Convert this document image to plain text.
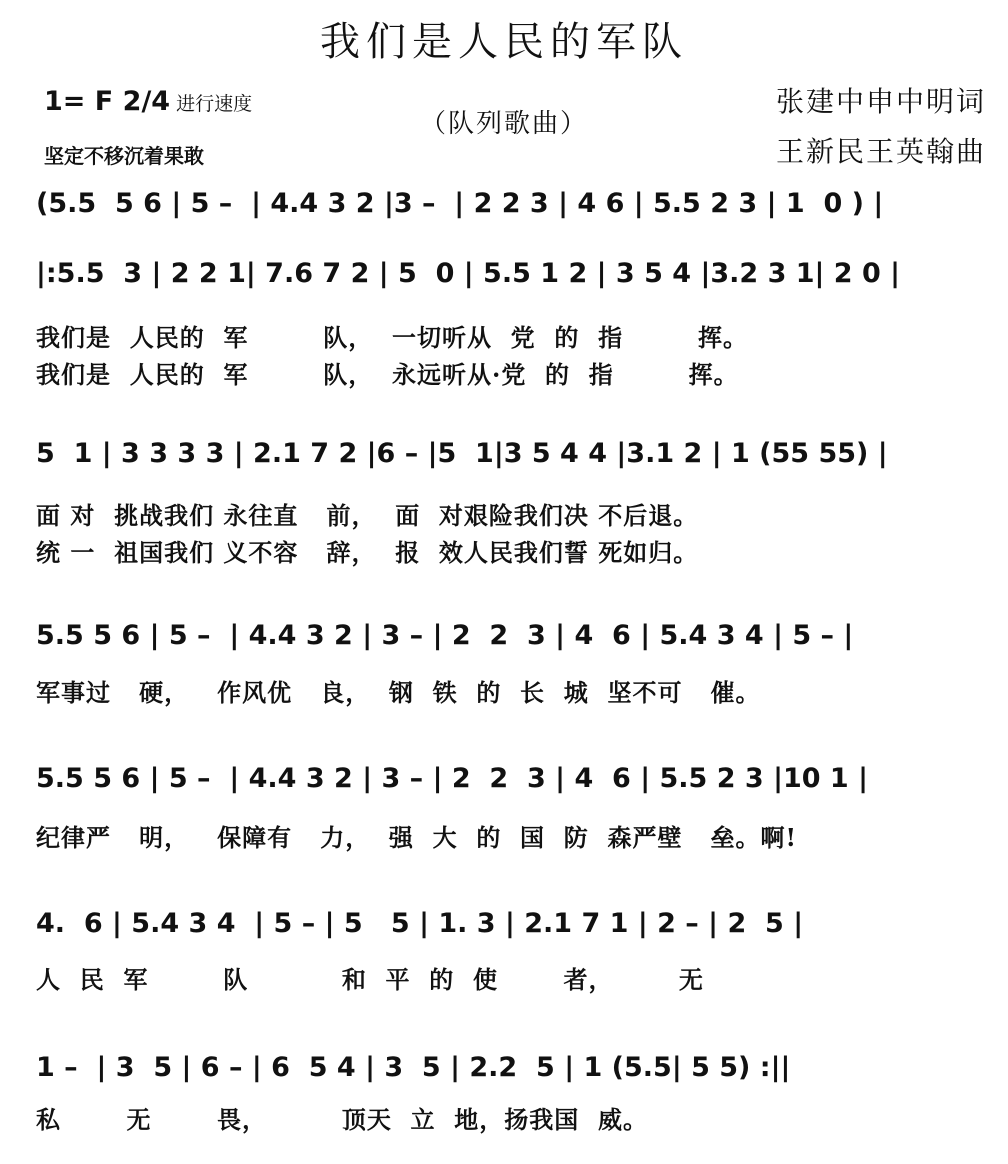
我们是人民的军队
（队列歌曲）
1= F 2/4 进行速度
坚定不移沉着果敢
张建中申中明词
王新民王英翰曲
(5.5  5 6 | 5 –  | 4.4 3 2 |3 –  | 2 2 3 | 4 6 | 5.5 2 3 | 1  0 ) |
|:5.5  3 | 2 2 1| 7.6 7 2 | 5  0 | 5.5 1 2 | 3 5 4 |3.2 3 1| 2 0 |
我们是  人民的  军        队，  一切听从  党  的  指        挥。
我们是  人民的  军        队，  永远听从·党  的  指        挥。
5  1 | 3 3 3 3 | 2.1 7 2 |6 – |5  1|3 5 4 4 |3.1 2 | 1 (55 55) |
面 对  挑战我们 永往直   前，  面  对艰险我们决 不后退。
统 一  祖国我们 义不容   辞，  报  效人民我们誓 死如归。
5.5 5 6 | 5 –  | 4.4 3 2 | 3 – | 2  2  3 | 4  6 | 5.4 3 4 | 5 – |
军事过   硬，   作风优   良，  钢  铁  的  长  城  坚不可   催。
5.5 5 6 | 5 –  | 4.4 3 2 | 3 – | 2  2  3 | 4  6 | 5.5 2 3 |10 1 |
纪律严   明，   保障有   力，  强  大  的  国  防  森严壁   垒。啊!
4.  6 | 5.4 3 4  | 5 – | 5   5 | 1. 3 | 2.1 7 1 | 2 – | 2  5 |
人  民  军        队          和  平  的  使       者，       无
1 –  | 3  5 | 6 – | 6  5 4 | 3  5 | 2.2  5 | 1 (5.5| 5 5) :||
私       无       畏，        顶天  立  地，扬我国  威。
